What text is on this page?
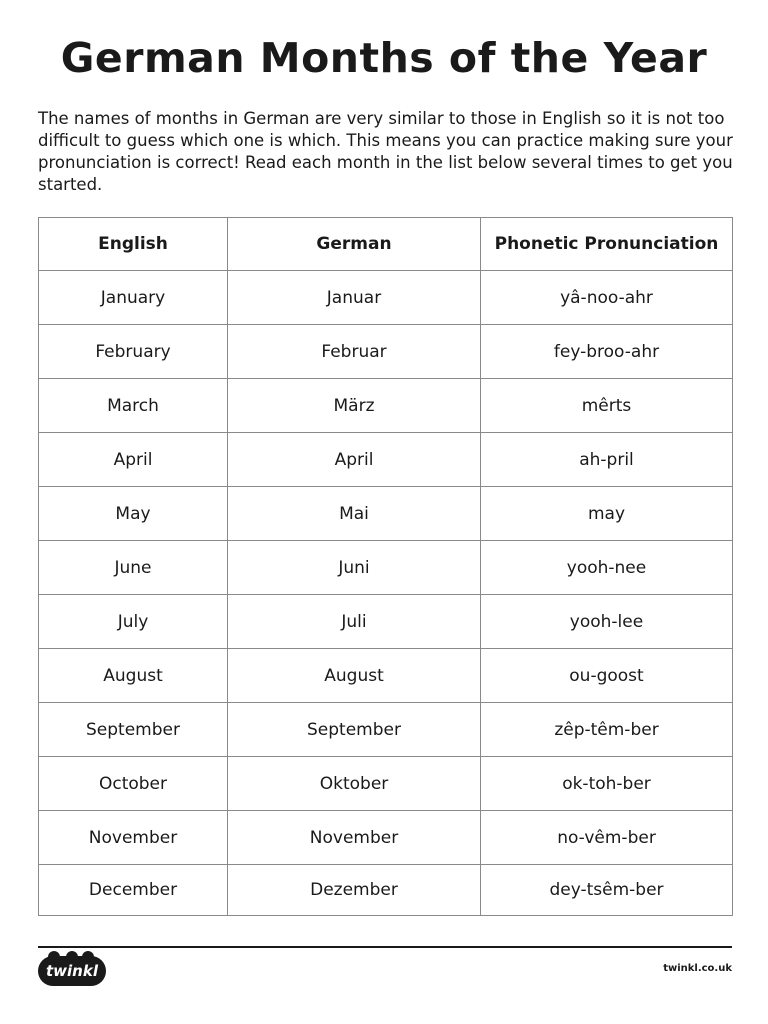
German Months of the Year

The names of months in German are very similar to those in English so it is not too difficult to guess which one is which. This means you can practice making sure your pronunciation is correct! Read each month in the list below several times to get you started.

English	German	Phonetic Pronunciation
January	Januar	yâ-noo-ahr
February	Februar	fey-broo-ahr
March	März	mêrts
April	April	ah-pril
May	Mai	may
June	Juni	yooh-nee
July	Juli	yooh-lee
August	August	ou-goost
September	September	zêp-têm-ber
October	Oktober	ok-toh-ber
November	November	no-vêm-ber
December	Dezember	dey-tsêm-ber
twinkl	twinkl.co.uk
